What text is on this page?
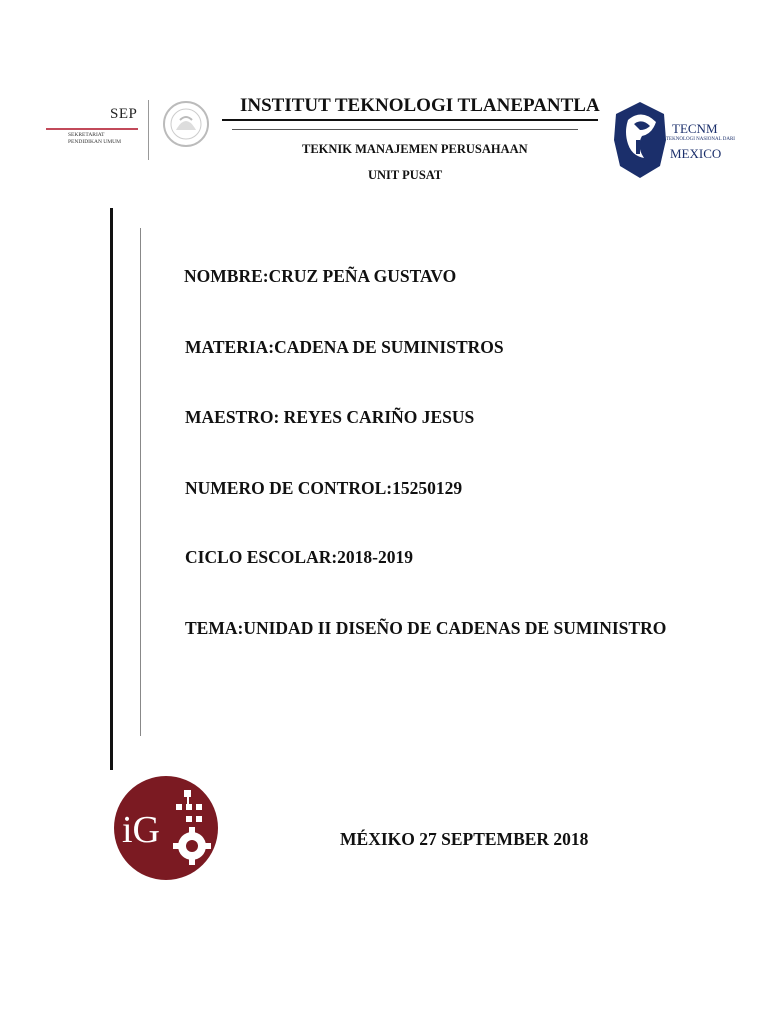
SEP
SEKRETARIAT
PENDIDIKAN UMUM
INSTITUT TEKNOLOGI TLANEPANTLA
TEKNIK MANAJEMEN PERUSAHAAN
UNIT PUSAT
TECNM
TEKNOLOGI NASIONAL DARI
MEXICO
NOMBRE:CRUZ PEÑA GUSTAVO
MATERIA:CADENA DE SUMINISTROS
MAESTRO: REYES CARIÑO JESUS
NUMERO DE CONTROL:15250129
CICLO ESCOLAR:2018-2019
TEMA:UNIDAD II DISEÑO DE CADENAS DE SUMINISTRO
iG	MÉXIKO 27 SEPTEMBER 2018
